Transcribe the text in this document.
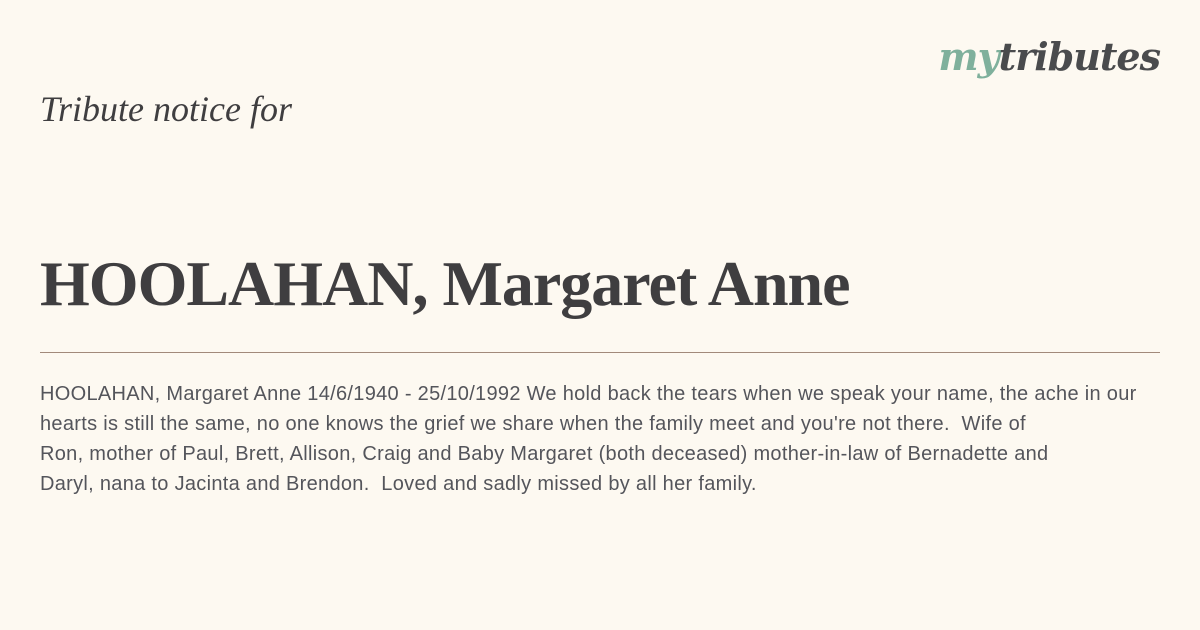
mytributes
Tribute notice for
HOOLAHAN, Margaret Anne
HOOLAHAN, Margaret Anne 14/6/1940 - 25/10/1992 We hold back the tears when we speak your name, the ache in our
hearts is still the same, no one knows the grief we share when the family meet and you're not there.  Wife of
Ron, mother of Paul, Brett, Allison, Craig and Baby Margaret (both deceased) mother-in-law of Bernadette and
Daryl, nana to Jacinta and Brendon.  Loved and sadly missed by all her family.
